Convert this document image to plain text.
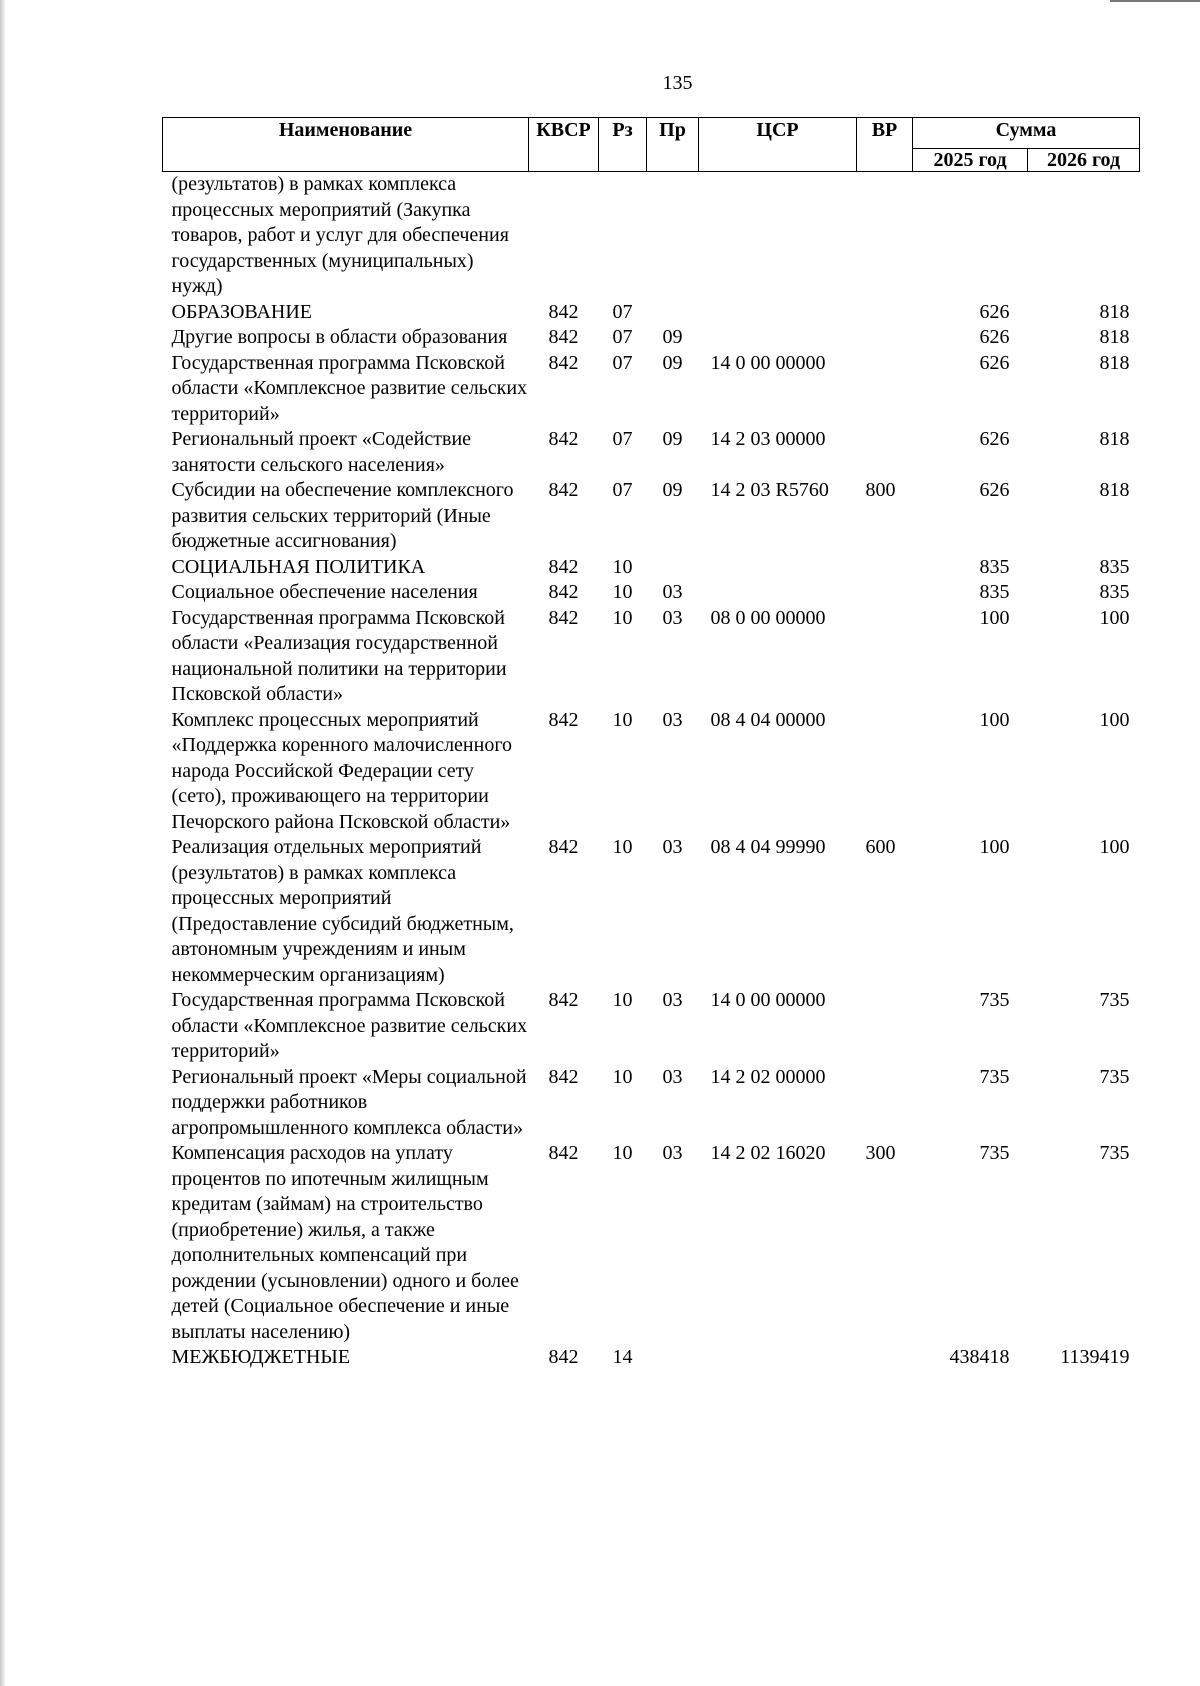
135
Наименование	КВСР	Рз	Пр	ЦСР	ВР	Сумма	
						2025 год	2026 год
(результатов) в рамках комплекса процессных мероприятий (Закупка товаров, работ и услуг для обеспечения государственных (муниципальных) нужд)							
ОБРАЗОВАНИЕ	842	07				626	818
Другие вопросы в области образования	842	07	09			626	818
Государственная программа Псковской области «Комплексное развитие сельских территорий»	842	07	09	14 0 00 00000		626	818
Региональный проект «Содействие занятости сельского населения»	842	07	09	14 2 03 00000		626	818
Субсидии на обеспечение комплексного развития сельских территорий (Иные бюджетные ассигнования)	842	07	09	14 2 03 R5760	800	626	818
СОЦИАЛЬНАЯ ПОЛИТИКА	842	10				835	835
Социальное обеспечение населения	842	10	03			835	835
Государственная программа Псковской области «Реализация государственной национальной политики на территории Псковской области»	842	10	03	08 0 00 00000		100	100
Комплекс процессных мероприятий «Поддержка коренного малочисленного народа Российской Федерации сету (сето), проживающего на территории Печорского района Псковской области»	842	10	03	08 4 04 00000		100	100
Реализация отдельных мероприятий (результатов) в рамках комплекса процессных мероприятий (Предоставление субсидий бюджетным, автономным учреждениям и иным некоммерческим организациям)	842	10	03	08 4 04 99990	600	100	100
Государственная программа Псковской области «Комплексное развитие сельских территорий»	842	10	03	14 0 00 00000		735	735
Региональный проект «Меры социальной поддержки работников агропромышленного комплекса области»	842	10	03	14 2 02 00000		735	735
Компенсация расходов на уплату процентов по ипотечным жилищным кредитам (займам) на строительство (приобретение) жилья, а также дополнительных компенсаций при рождении (усыновлении) одного и более детей (Социальное обеспечение и иные выплаты населению)	842	10	03	14 2 02 16020	300	735	735
МЕЖБЮДЖЕТНЫЕ	842	14				438418	1139419
